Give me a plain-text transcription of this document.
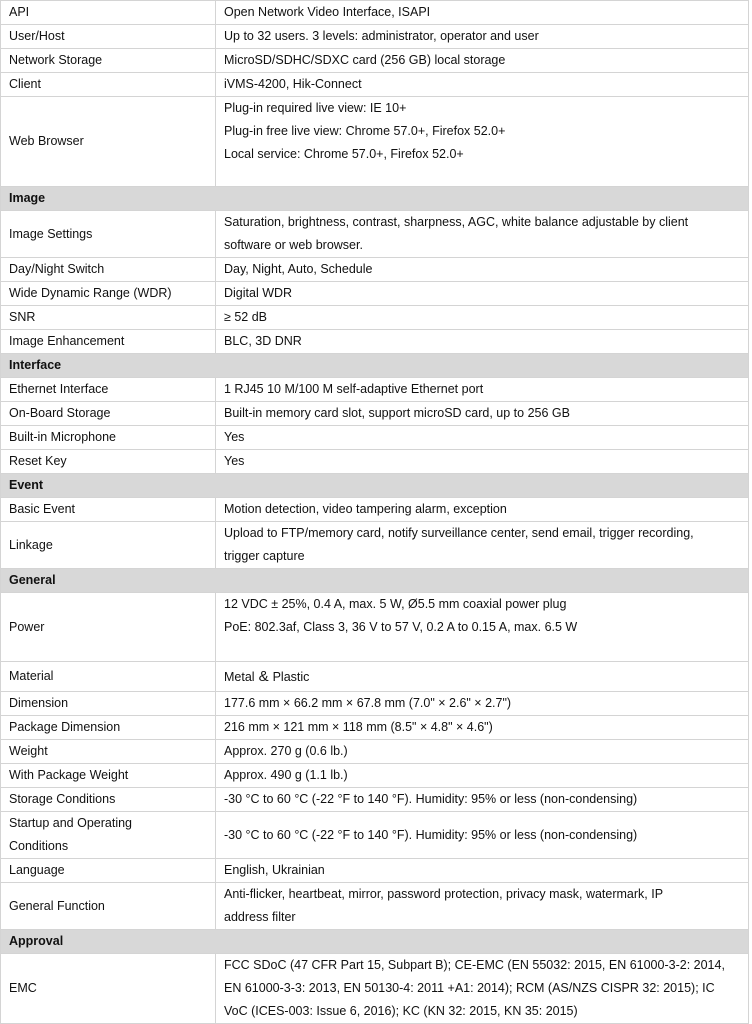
API	Open Network Video Interface, ISAPI
User/Host	Up to 32 users. 3 levels: administrator, operator and user
Network Storage	MicroSD/SDHC/SDXC card (256 GB) local storage
Client	iVMS-4200, Hik-Connect
Web Browser	Plug-in required live view: IE 10+
Plug-in free live view: Chrome 57.0+, Firefox 52.0+
Local service: Chrome 57.0+, Firefox 52.0+

Image	
Image Settings	Saturation, brightness, contrast, sharpness, AGC, white balance adjustable by client
software or web browser.

Day/Night Switch	Day, Night, Auto, Schedule
Wide Dynamic Range (WDR)	Digital WDR
SNR	≥ 52 dB
Image Enhancement	BLC, 3D DNR
Interface	
Ethernet Interface	1 RJ45 10 M/100 M self-adaptive Ethernet port
On-Board Storage	Built-in memory card slot, support microSD card, up to 256 GB
Built-in Microphone	Yes
Reset Key	Yes
Event	
Basic Event	Motion detection, video tampering alarm, exception
Linkage	Upload to FTP/memory card, notify surveillance center, send email, trigger recording,
trigger capture

General	
Power	12 VDC ± 25%, 0.4 A, max. 5 W, Ø5.5 mm coaxial power plug
PoE: 802.3af, Class 3, 36 V to 57 V, 0.2 A to 0.15 A, max. 6.5 W

Material	Metal & Plastic
Dimension	177.6 mm × 66.2 mm × 67.8 mm (7.0" × 2.6" × 2.7")
Package Dimension	216 mm × 121 mm × 118 mm (8.5" × 4.8" × 4.6")
Weight	Approx. 270 g (0.6 lb.)
With Package Weight	Approx. 490 g (1.1 lb.)
Storage Conditions	-30 °C to 60 °C (-22 °F to 140 °F). Humidity: 95% or less (non-condensing)

Startup and Operating
Conditions	-30 °C to 60 °C (-22 °F to 140 °F). Humidity: 95% or less (non-condensing)
Language	English, Ukrainian
General Function	Anti-flicker, heartbeat, mirror, password protection, privacy mask, watermark, IP
address filter

Approval	
EMC	FCC SDoC (47 CFR Part 15, Subpart B); CE-EMC (EN 55032: 2015, EN 61000-3-2: 2014,
EN 61000-3-3: 2013, EN 50130-4: 2011 +A1: 2014); RCM (AS/NZS CISPR 32: 2015); IC
VoC (ICES-003: Issue 6, 2016); KC (KN 32: 2015, KN 35: 2015)
